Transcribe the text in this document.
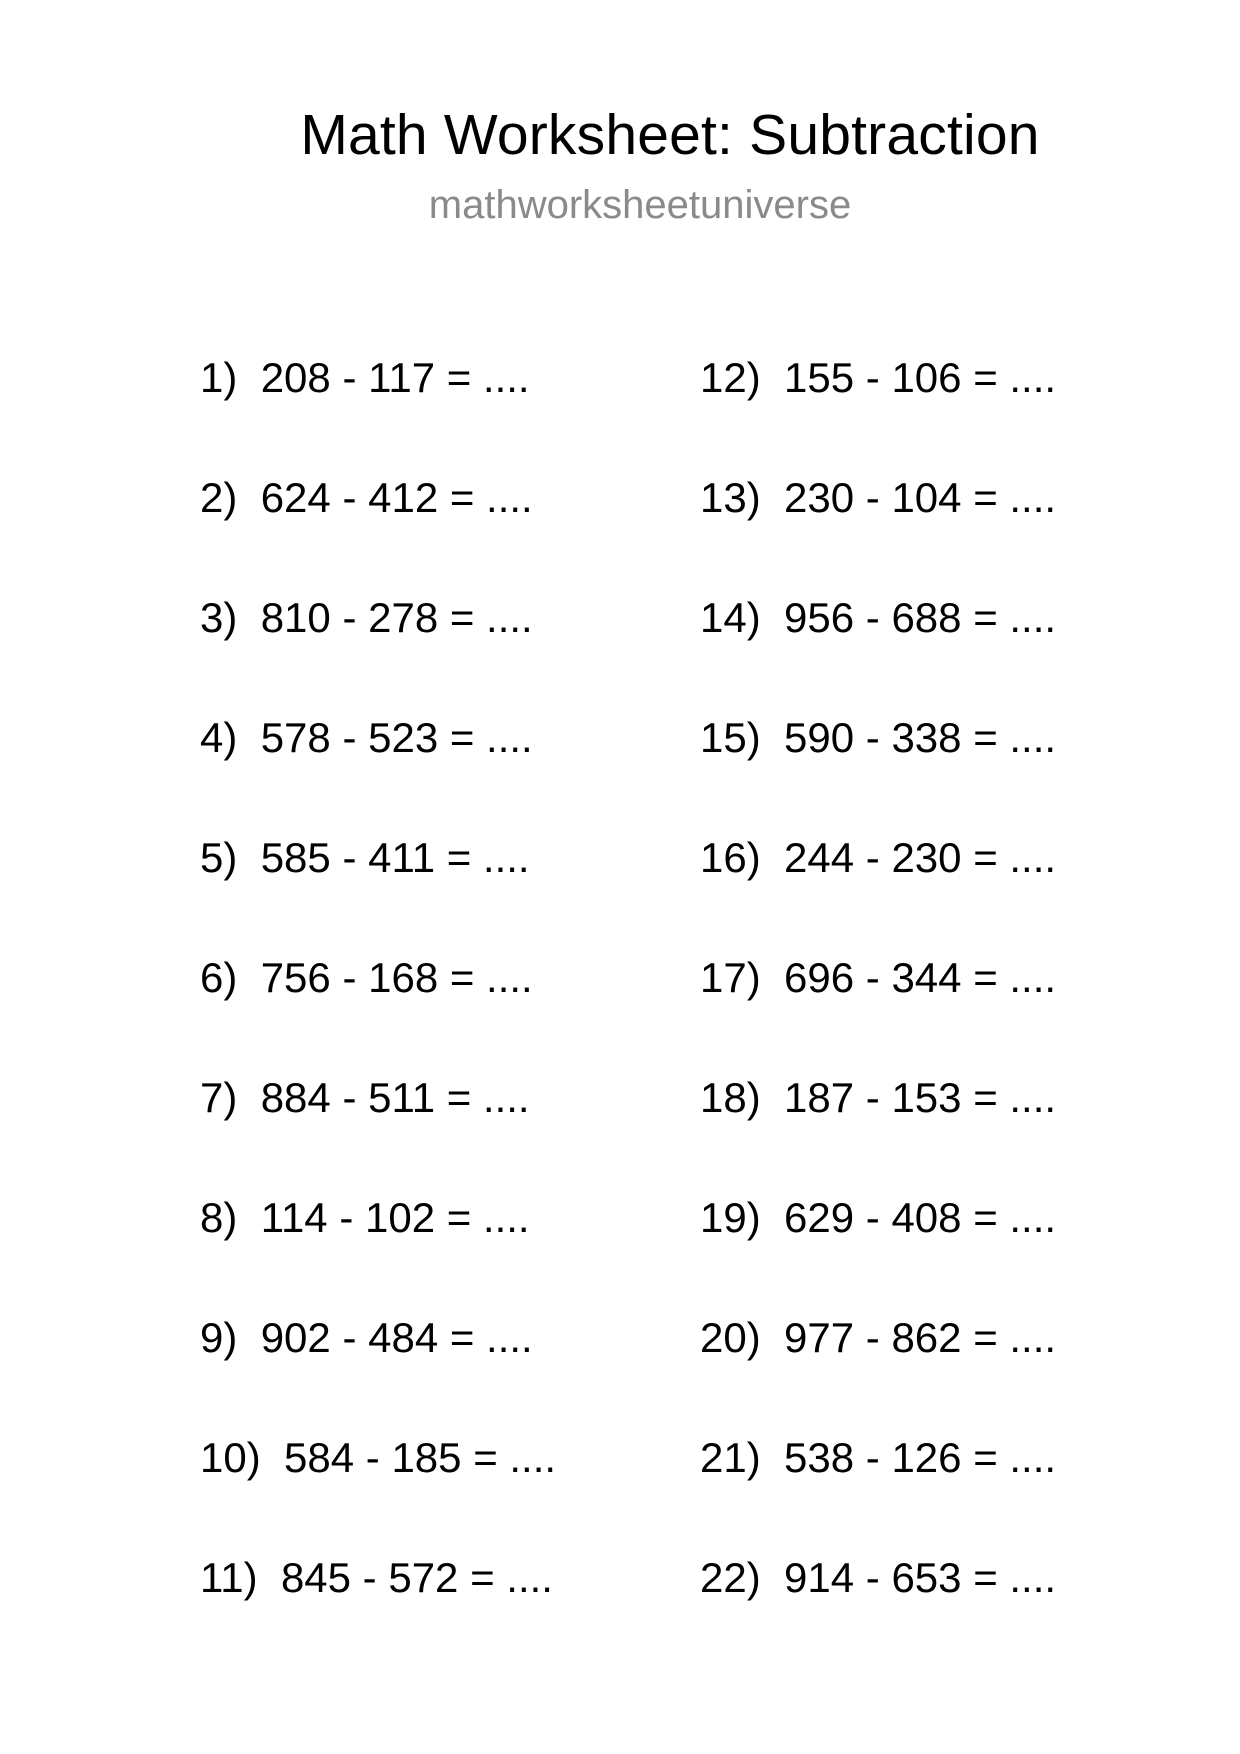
Math Worksheet: Subtraction

mathworksheetuniverse

1) 208 - 117 = ....
2) 624 - 412 = ....
3) 810 - 278 = ....
4) 578 - 523 = ....
5) 585 - 411 = ....
6) 756 - 168 = ....
7) 884 - 511 = ....
8) 114 - 102 = ....
9) 902 - 484 = ....
10) 584 - 185 = ....
11) 845 - 572 = ....
12) 155 - 106 = ....
13) 230 - 104 = ....
14) 956 - 688 = ....
15) 590 - 338 = ....
16) 244 - 230 = ....
17) 696 - 344 = ....
18) 187 - 153 = ....
19) 629 - 408 = ....
20) 977 - 862 = ....
21) 538 - 126 = ....
22) 914 - 653 = ....
